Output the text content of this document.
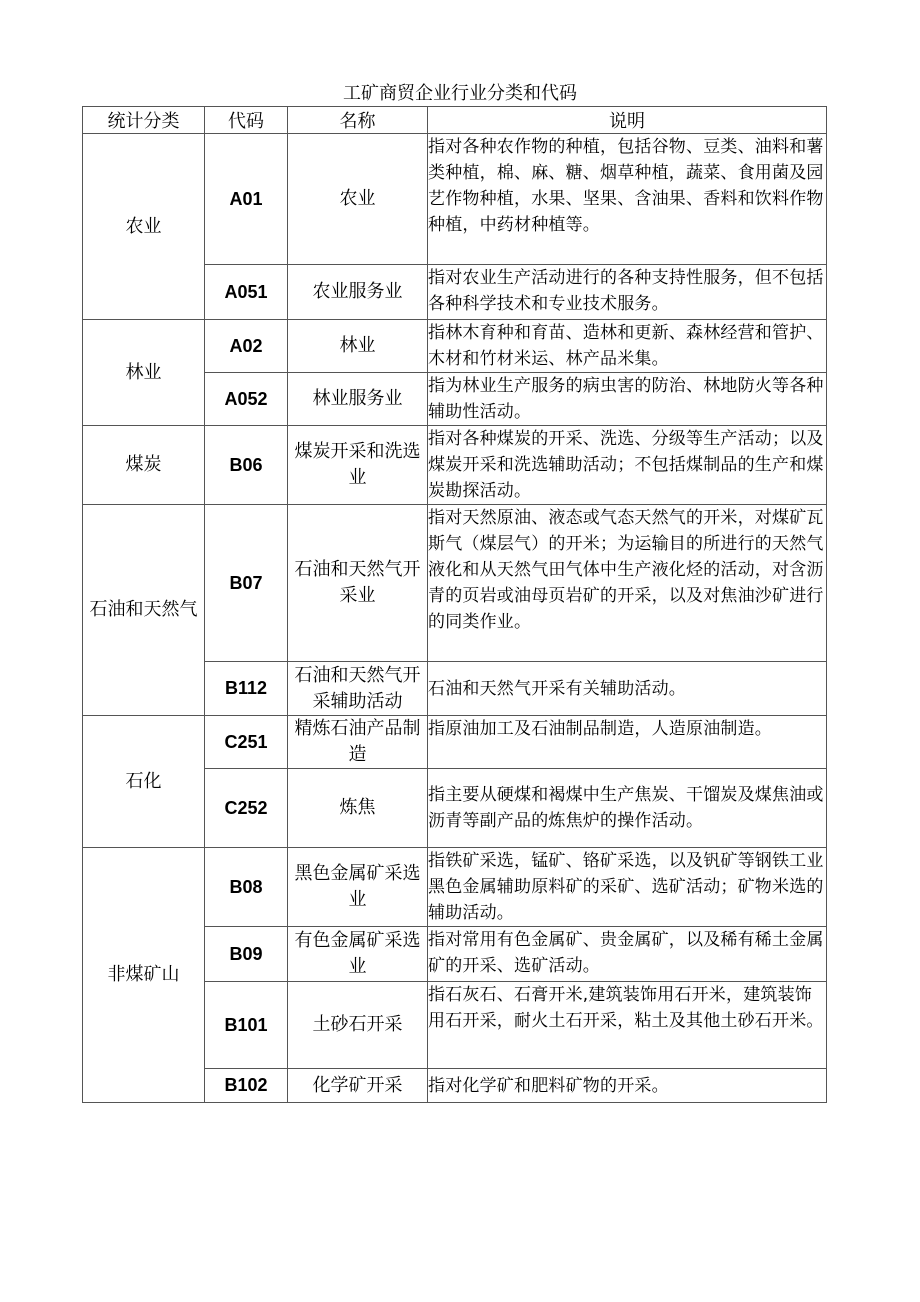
工矿商贸企业行业分类和代码
统计分类	代码	名称	说明
农业	A01	农业	指对各种农作物的种植，包括谷物、豆类、油料和薯类种植，棉、麻、糖、烟草种植，蔬菜、食用菌及园艺作物种植，水果、坚果、含油果、香料和饮料作物种植，中药材种植等。
	A051	农业服务业	指对农业生产活动进行的各种支持性服务，但不包括各种科学技术和专业技术服务。
林业	A02	林业	指林木育种和育苗、造林和更新、森林经营和管护、木材和竹材米运、林产品米集。
	A052	林业服务业	指为林业生产服务的病虫害的防治、林地防火等各种辅助性活动。
煤炭	B06	煤炭开采和洗选业	指对各种煤炭的开采、洗选、分级等生产活动；以及煤炭开采和洗选辅助活动；不包括煤制品的生产和煤炭勘探活动。
石油和天然气	B07	石油和天然气开采业	指对天然原油、液态或气态天然气的开米，对煤矿瓦斯气（煤层气）的开米；为运输目的所进行的天然气液化和从天然气田气体中生产液化烃的活动，对含沥青的页岩或油母页岩矿的开采，以及对焦油沙矿进行的同类作业。
	B112	石油和天然气开采辅助活动	石油和天然气开采有关辅助活动。
石化	C251	精炼石油产品制造	指原油加工及石油制品制造，人造原油制造。
	C252	炼焦	指主要从硬煤和褐煤中生产焦炭、干馏炭及煤焦油或沥青等副产品的炼焦炉的操作活动。
非煤矿山	B08	黑色金属矿采选业	指铁矿采选，锰矿、铬矿采选，以及钒矿等钢铁工业黑色金属辅助原料矿的采矿、选矿活动；矿物米选的辅助活动。
	B09	有色金属矿采选业	指对常用有色金属矿、贵金属矿，以及稀有稀土金属矿的开采、选矿活动。
	B101	土砂石开采	指石灰石、石膏开米,建筑装饰用石开米，建筑装饰用石开采，耐火土石开采，粘土及其他土砂石开米。
	B102	化学矿开采	指对化学矿和肥料矿物的开采。
